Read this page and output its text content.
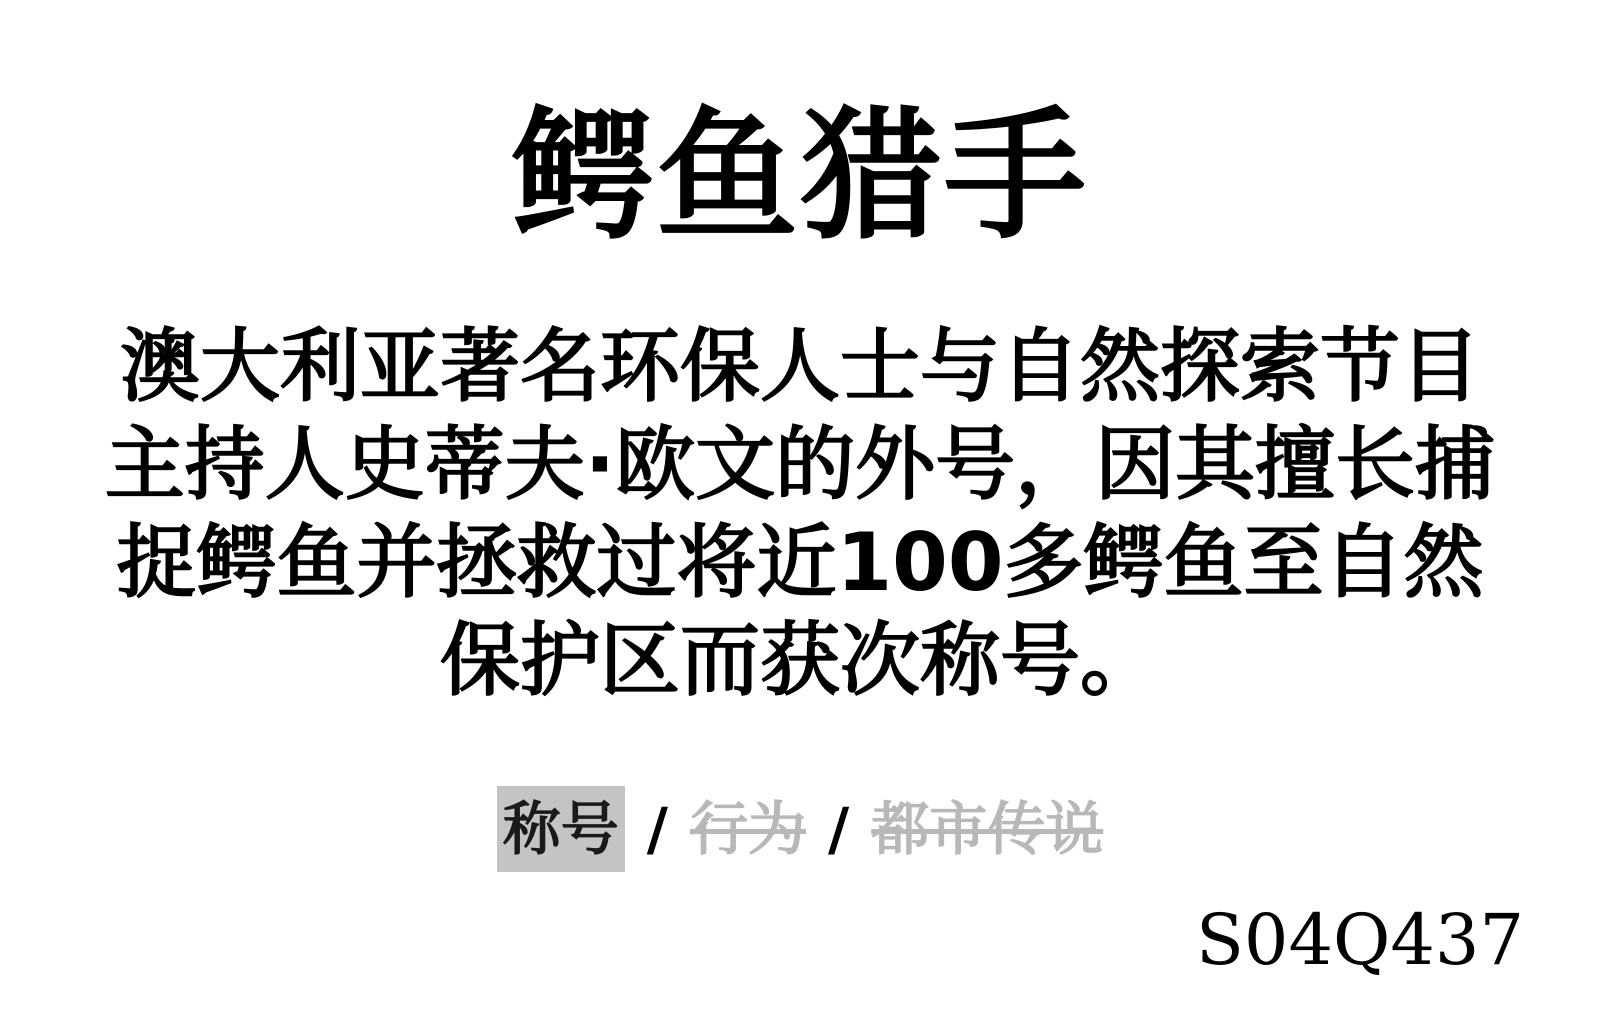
鳄鱼猎手
澳大利亚著名环保人士与自然探索节目主持人史蒂夫·欧文的外号，因其擅长捕捉鳄鱼并拯救过将近100多鳄鱼至自然保护区而获次称号。
称号 / 行为 / 都市传说
S04Q437
